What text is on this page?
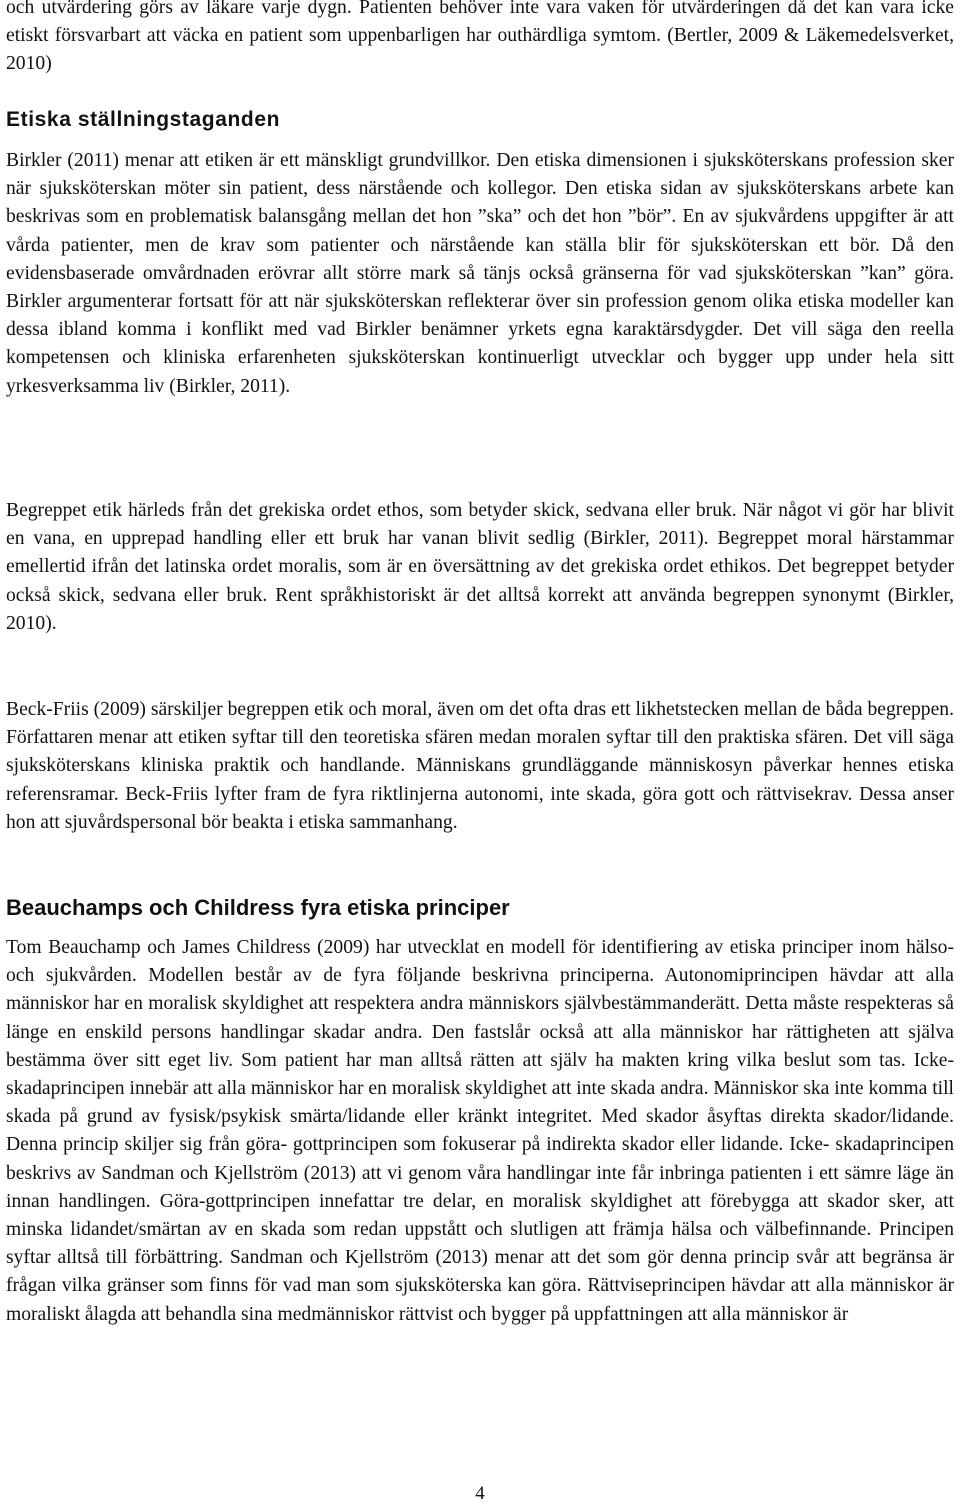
och utvärdering görs av läkare varje dygn. Patienten behöver inte vara vaken för utvärderingen då det kan vara icke etiskt försvarbart att väcka en patient som uppenbarligen har outhärdliga symtom. (Bertler, 2009 & Läkemedelsverket, 2010)

Etiska ställningstaganden

Birkler (2011) menar att etiken är ett mänskligt grundvillkor. Den etiska dimensionen i sjuksköterskans profession sker när sjuksköterskan möter sin patient, dess närstående och kollegor. Den etiska sidan av sjuksköterskans arbete kan beskrivas som en problematisk balansgång mellan det hon ”ska” och det hon ”bör”. En av sjukvårdens uppgifter är att vårda patienter, men de krav som patienter och närstående kan ställa blir för sjuksköterskan ett bör. Då den evidensbaserade omvårdnaden erövrar allt större mark så tänjs också gränserna för vad sjuksköterskan ”kan” göra. Birkler argumenterar fortsatt för att när sjuksköterskan reflekterar över sin profession genom olika etiska modeller kan dessa ibland komma i konflikt med vad Birkler benämner yrkets egna karaktärsdygder. Det vill säga den reella kompetensen och kliniska erfarenheten sjuksköterskan kontinuerligt utvecklar och bygger upp under hela sitt yrkesverksamma liv (Birkler, 2011).

Begreppet etik härleds från det grekiska ordet ethos, som betyder skick, sedvana eller bruk. När något vi gör har blivit en vana, en upprepad handling eller ett bruk har vanan blivit sedlig (Birkler, 2011). Begreppet moral härstammar emellertid ifrån det latinska ordet moralis, som är en översättning av det grekiska ordet ethikos. Det begreppet betyder också skick, sedvana eller bruk. Rent språkhistoriskt är det alltså korrekt att använda begreppen synonymt (Birkler, 2010).

Beck-Friis (2009) särskiljer begreppen etik och moral, även om det ofta dras ett likhetstecken mellan de båda begreppen. Författaren menar att etiken syftar till den teoretiska sfären medan moralen syftar till den praktiska sfären. Det vill säga sjuksköterskans kliniska praktik och handlande. Människans grundläggande människosyn påverkar hennes etiska referensramar. Beck-Friis lyfter fram de fyra riktlinjerna autonomi, inte skada, göra gott och rättvisekrav. Dessa anser hon att sjuvårdspersonal bör beakta i etiska sammanhang.

Beauchamps och Childress fyra etiska principer

Tom Beauchamp och James Childress (2009) har utvecklat en modell för identifiering av etiska principer inom hälso- och sjukvården. Modellen består av de fyra följande beskrivna principerna. Autonomiprincipen hävdar att alla människor har en moralisk skyldighet att respektera andra människors självbestämmanderätt. Detta måste respekteras så länge en enskild persons handlingar skadar andra. Den fastslår också att alla människor har rättigheten att själva bestämma över sitt eget liv. Som patient har man alltså rätten att själv ha makten kring vilka beslut som tas. Icke- skadaprincipen innebär att alla människor har en moralisk skyldighet att inte skada andra. Människor ska inte komma till skada på grund av fysisk/psykisk smärta/lidande eller kränkt integritet. Med skador åsyftas direkta skador/lidande. Denna princip skiljer sig från göra- gottprincipen som fokuserar på indirekta skador eller lidande. Icke- skadaprincipen beskrivs av Sandman och Kjellström (2013) att vi genom våra handlingar inte får inbringa patienten i ett sämre läge än innan handlingen. Göra-gottprincipen innefattar tre delar, en moralisk skyldighet att förebygga att skador sker, att minska lidandet/smärtan av en skada som redan uppstått och slutligen att främja hälsa och välbefinnande. Principen syftar alltså till förbättring. Sandman och Kjellström (2013) menar att det som gör denna princip svår att begränsa är frågan vilka gränser som finns för vad man som sjuksköterska kan göra. Rättviseprincipen hävdar att alla människor är moraliskt ålagda att behandla sina medmänniskor rättvist och bygger på uppfattningen att alla människor är

4
